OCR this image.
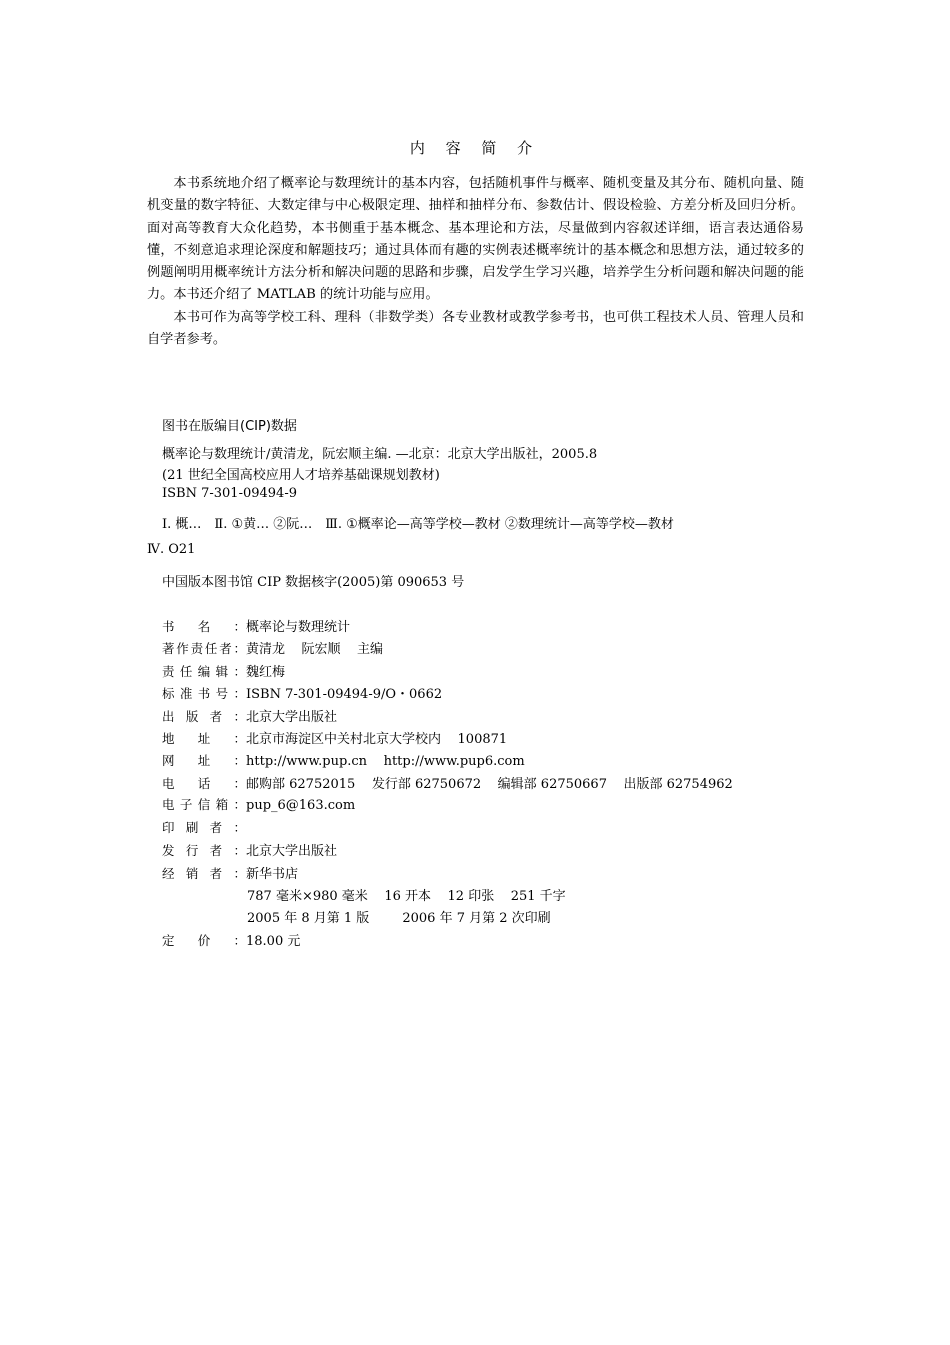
内 容 简 介

本书系统地介绍了概率论与数理统计的基本内容，包括随机事件与概率、随机变量及其分布、随机向量、随机变量的数字特征、大数定律与中心极限定理、抽样和抽样分布、参数估计、假设检验、方差分析及回归分析。面对高等教育大众化趋势，本书侧重于基本概念、基本理论和方法，尽量做到内容叙述详细，语言表达通俗易懂，不刻意追求理论深度和解题技巧；通过具体而有趣的实例表述概率统计的基本概念和思想方法，通过较多的例题阐明用概率统计方法分析和解决问题的思路和步骤，启发学生学习兴趣，培养学生分析问题和解决问题的能力。本书还介绍了 MATLAB 的统计功能与应用。

本书可作为高等学校工科、理科（非数学类）各专业教材或教学参考书，也可供工程技术人员、管理人员和自学者参考。

图书在版编目(CIP)数据
概率论与数理统计/黄清龙，阮宏顺主编. —北京：北京大学出版社，2005.8
(21 世纪全国高校应用人才培养基础课规划教材)
ISBN 7-301-09494-9
Ⅰ. 概…　Ⅱ. ①黄… ②阮…　Ⅲ. ①概率论—高等学校—教材 ②数理统计—高等学校—教材
Ⅳ. O21
中国版本图书馆 CIP 数据核字(2005)第 090653 号
书名： 概率论与数理统计
著作责任者： 黄清龙    阮宏顺    主编
责任编辑： 魏红梅
标准书号： ISBN 7-301-09494-9/O・0662
出版者： 北京大学出版社
地址： 北京市海淀区中关村北京大学校内    100871
网址： http://www.pup.cn    http://www.pup6.com
电话： 邮购部 62752015    发行部 62750672    编辑部 62750667    出版部 62754962
电子信箱： pup_6@163.com
印刷者：
发行者： 北京大学出版社
经销者： 新华书店
787 毫米×980 毫米    16 开本    12 印张    251 千字
2005 年 8 月第 1 版        2006 年 7 月第 2 次印刷
定价： 18.00 元
